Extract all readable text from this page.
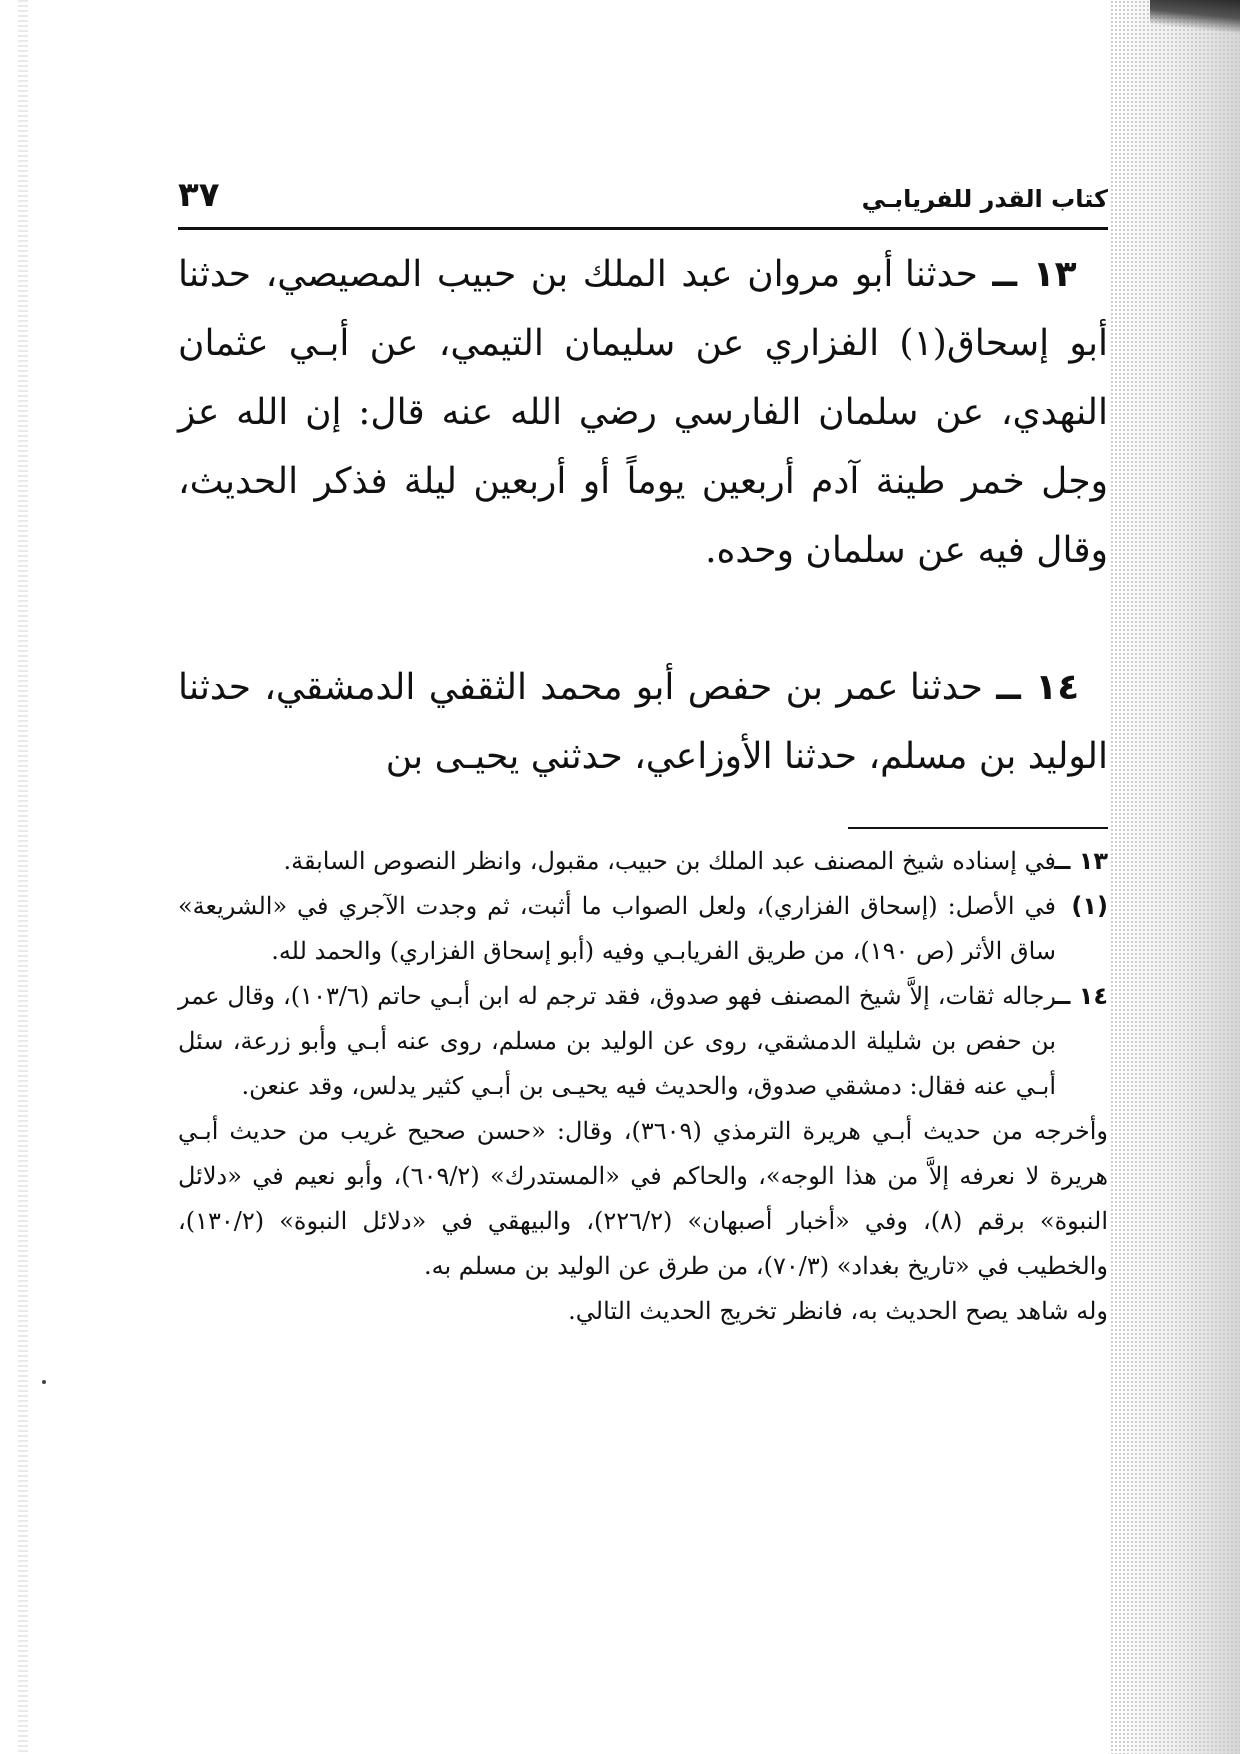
كتاب القدر للفريابـي
٣٧

١٣ ــ حدثنا أبو مروان عبد الملك بن حبيب المصيصي، حدثنا أبو إسحاق(١) الفزاري عن سليمان التيمي، عن أبـي عثمان النهدي، عن سلمان الفارسي رضي الله عنه قال: إن الله عز وجل خمر طينة آدم أربعين يوماً أو أربعين ليلة فذكر الحديث، وقال فيه عن سلمان وحده.

١٤ ــ حدثنا عمر بن حفص أبو محمد الثقفي الدمشقي، حدثنا الوليد بن مسلم، حدثنا الأوزاعي، حدثني يحيـى بن

١٣ ــ
في إسناده شيخ المصنف عبد الملك بن حبيب، مقبول، وانظر النصوص السابقة.
(١)
في الأصل: (إسحاق الفزاري)، ولعل الصواب ما أثبت، ثم وجدت الآجري في «الشريعة» ساق الأثر (ص ١٩٠)، من طريق الفريابـي وفيه (أبو إسحاق الفزاري) والحمد لله.
١٤ ــ
رجاله ثقات، إلاَّ شيخ المصنف فهو صدوق، فقد ترجم له ابن أبـي حاتم (١٠٣/٦)، وقال عمر بن حفص بن شليلة الدمشقي، روى عن الوليد بن مسلم، روى عنه أبـي وأبو زرعة، سئل أبـي عنه فقال: دمشقي صدوق، والحديث فيه يحيـى بن أبـي كثير يدلس، وقد عنعن.
وأخرجه من حديث أبـي هريرة الترمذي (٣٦٠٩)، وقال: «حسن صحيح غريب من حديث أبـي هريرة لا نعرفه إلاَّ من هذا الوجه»، والحاكم في «المستدرك» (٦٠٩/٢)، وأبو نعيم في «دلائل النبوة» برقم (٨)، وفي «أخبار أصبهان» (٢٢٦/٢)، والبيهقي في «دلائل النبوة» (١٣٠/٢)، والخطيب في «تاريخ بغداد» (٧٠/٣)، من طرق عن الوليد بن مسلم به.
وله شاهد يصح الحديث به، فانظر تخريج الحديث التالي.
